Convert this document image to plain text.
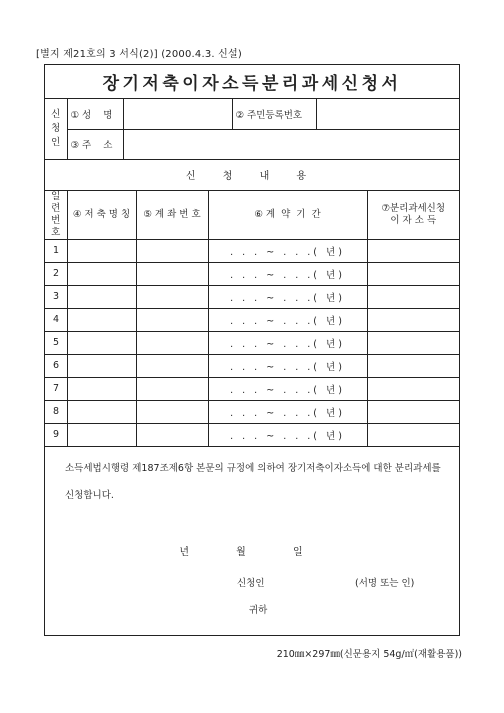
[별지 제21호의 3 서식(2)] (2000.4.3. 신설)
장기저축이자소득분리과세신청서
신
청
인	① 성    명		② 주민등록번호	
	③ 주    소			
신 청 내 용
일련
번호	④ 저 축 명 칭	⑤ 계 좌 번 호	⑥ 계  약  기  간	⑦분리과세신청
이 자 소 득
1			. . . ~ . . .( 년)	
2			. . . ~ . . .( 년)	
3			. . . ~ . . .( 년)	
4			. . . ~ . . .( 년)	
5			. . . ~ . . .( 년)	
6			. . . ~ . . .( 년)	
7			. . . ~ . . .( 년)	
8			. . . ~ . . .( 년)	
9			. . . ~ . . .( 년)	
소득세법시행령 제187조제6항 본문의 규정에 의하여 장기저축이자소득에 대한 분리과세를 신청합니다.
년 월 일
신청인	(서명 또는 인)
귀하
210㎜×297㎜(신문용지 54g/㎡(재활용품))
